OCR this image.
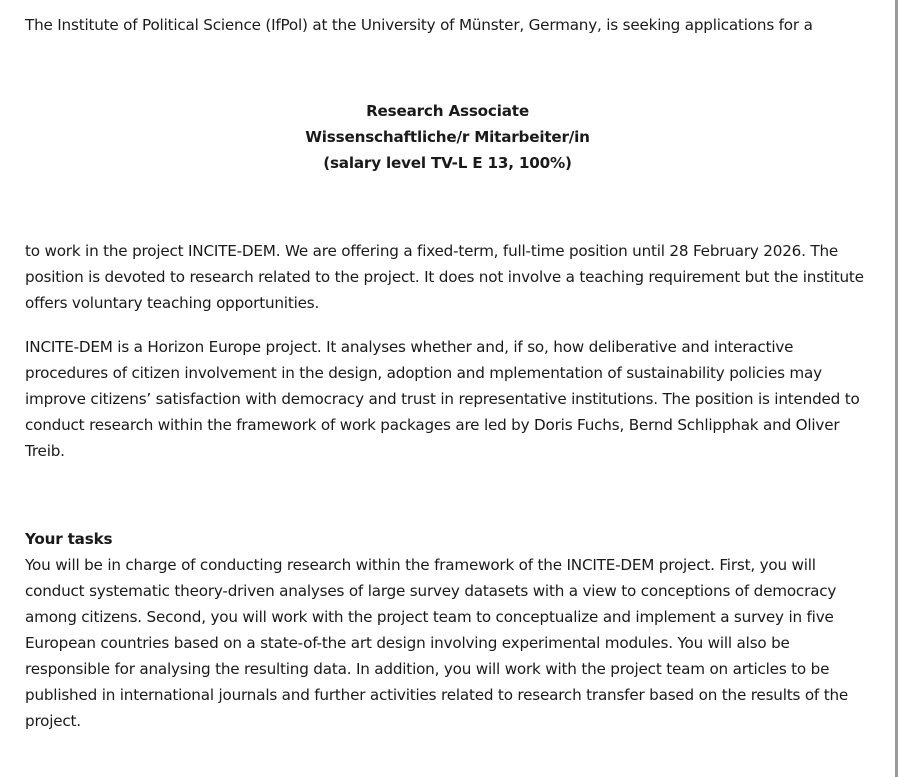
The Institute of Political Science (IfPol) at the University of Münster, Germany, is seeking applications for a

Research Associate
Wissenschaftliche/r Mitarbeiter/in
(salary level TV-L E 13, 100%)

to work in the project INCITE-DEM. We are offering a fixed-term, full-time position until 28 February 2026. The position is devoted to research related to the project. It does not involve a teaching requirement but the institute offers voluntary teaching opportunities.

INCITE-DEM is a Horizon Europe project. It analyses whether and, if so, how deliberative and interactive procedures of citizen involvement in the design, adoption and mplementation of sustainability policies may improve citizens’ satisfaction with democracy and trust in representative institutions. The position is intended to conduct research within the framework of work packages are led by Doris Fuchs, Bernd Schlipphak and Oliver Treib.

Your tasks

You will be in charge of conducting research within the framework of the INCITE-DEM project. First, you will conduct systematic theory-driven analyses of large survey datasets with a view to conceptions of democracy among citizens. Second, you will work with the project team to conceptualize and implement a survey in five European countries based on a state-of-the art design involving experimental modules. You will also be responsible for analysing the resulting data. In addition, you will work with the project team on articles to be published in international journals and further activities related to research transfer based on the results of the project.
